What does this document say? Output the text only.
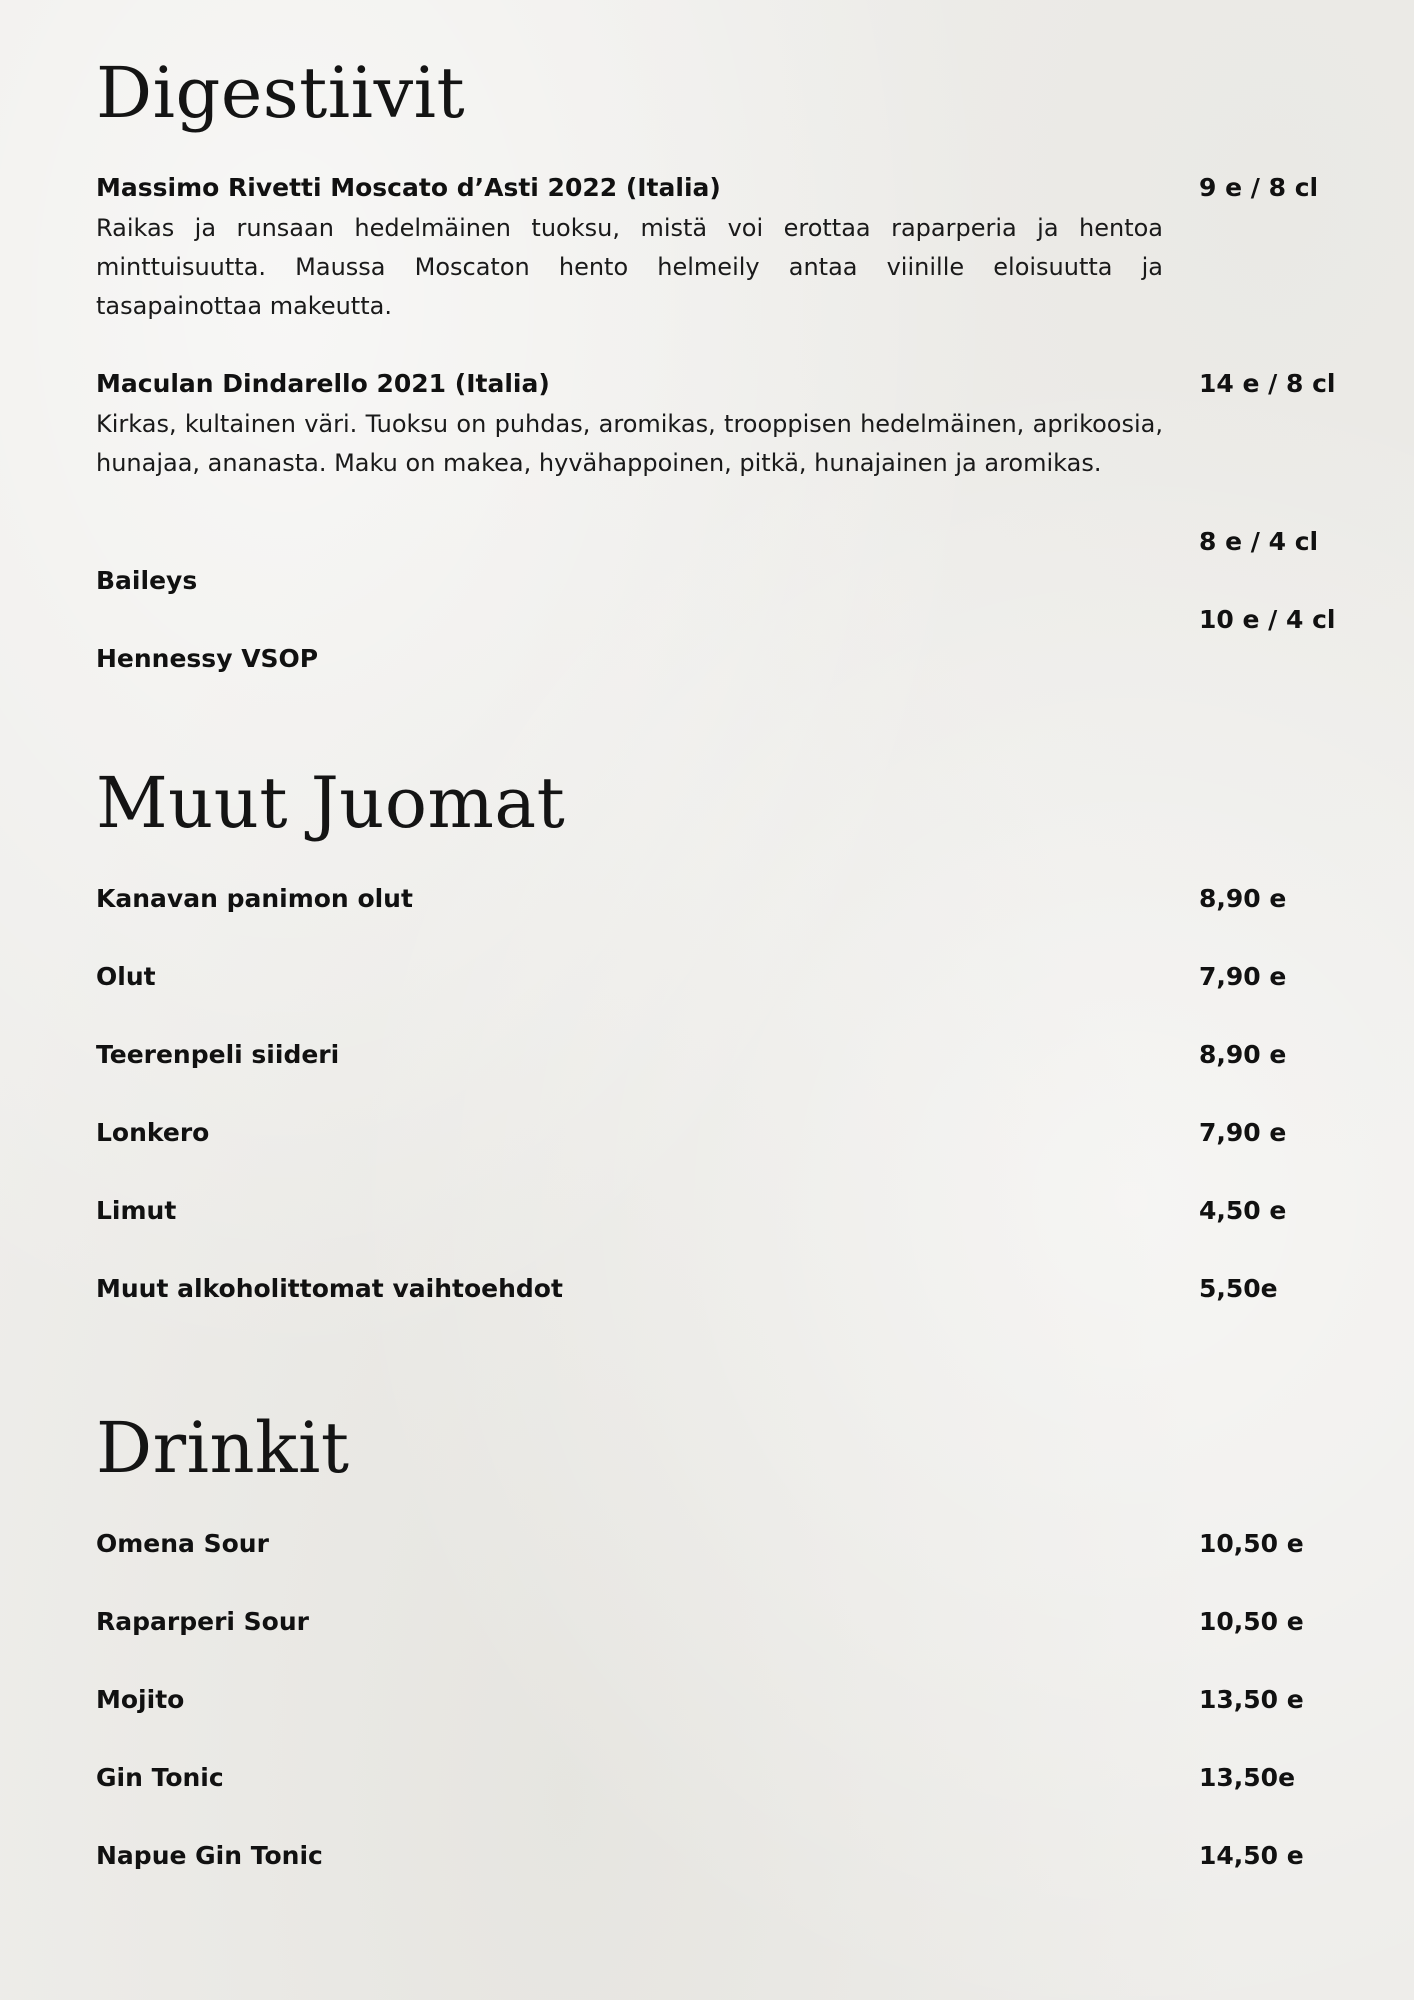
Digestiivit
Massimo Rivetti Moscato d’Asti 2022 (Italia)	9 e / 8 cl

Raikas ja runsaan hedelmäinen tuoksu, mistä voi erottaa raparperia ja hentoa minttuisuutta. Maussa Moscaton hento helmeily antaa viinille eloisuutta ja tasapainottaa makeutta.

Maculan Dindarello 2021 (Italia)	14 e / 8 cl

Kirkas, kultainen väri. Tuoksu on puhdas, aromikas, trooppisen hedelmäinen, aprikoosia, hunajaa, ananasta. Maku on makea, hyvähappoinen, pitkä, hunajainen ja aromikas.

Baileys
8 e / 4 cl
Hennessy VSOP
10 e / 4 cl
Muut Juomat
Kanavan panimon olut	8,90 e
Olut	7,90 e
Teerenpeli siideri	8,90 e
Lonkero	7,90 e
Limut	4,50 e
Muut alkoholittomat vaihtoehdot	5,50e
Drinkit
Omena Sour	10,50 e
Raparperi Sour	10,50 e
Mojito	13,50 e
Gin Tonic	13,50e
Napue Gin Tonic	14,50 e
